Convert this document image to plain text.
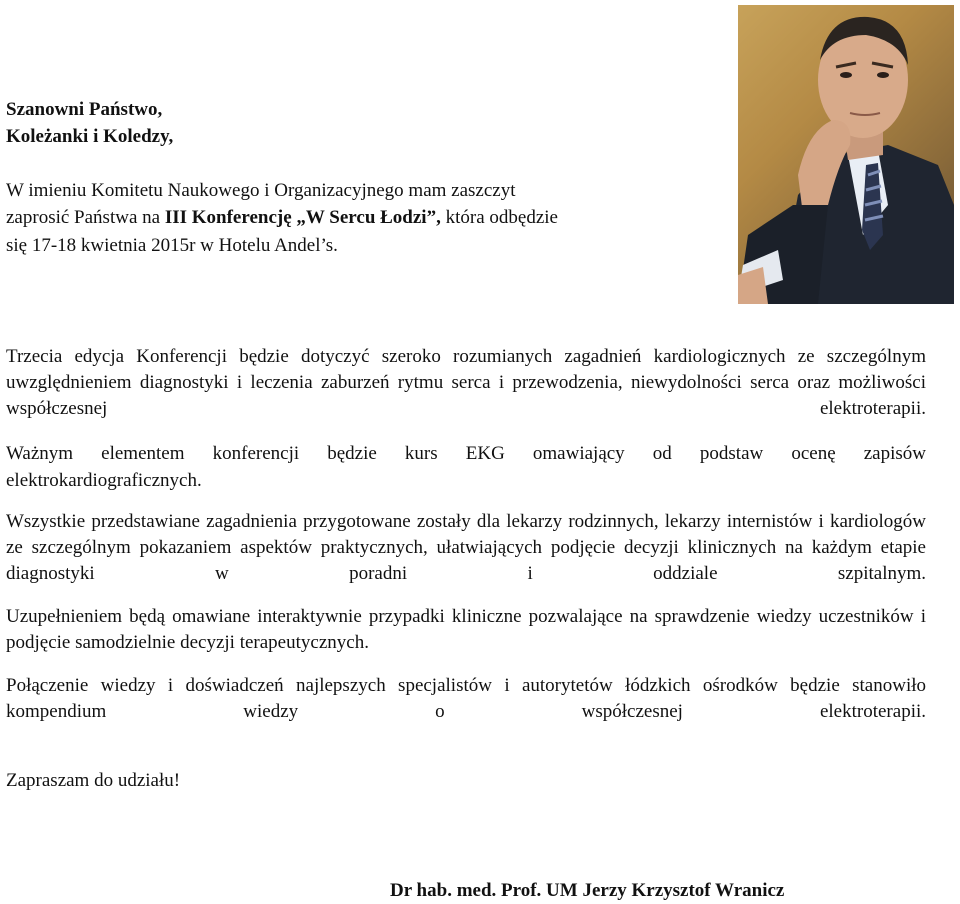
Szanowni Państwo,

Koleżanki i Koledzy,

W imieniu Komitetu Naukowego i Organizacyjnego mam zaszczyt

zaprosić Państwa na III Konferencję „W Sercu Łodzi”, która odbędzie

się 17-18 kwietnia 2015r w Hotelu Andel’s.

Trzecia edycja Konferencji będzie dotyczyć szeroko rozumianych zagadnień kardiologicznych ze szczególnym uwzględnieniem diagnostyki i leczenia zaburzeń rytmu serca i przewodzenia, niewydolności serca oraz możliwości współczesnej elektroterapii.

Ważnym elementem konferencji będzie kurs EKG omawiający od podstaw ocenę zapisów

elektrokardiograficznych.

Wszystkie przedstawiane zagadnienia przygotowane zostały dla lekarzy rodzinnych, lekarzy internistów i kardiologów ze szczególnym pokazaniem aspektów praktycznych, ułatwiających podjęcie decyzji klinicznych na każdym etapie diagnostyki w poradni i oddziale szpitalnym.

Uzupełnieniem będą omawiane interaktywnie przypadki kliniczne pozwalające na sprawdzenie wiedzy uczestników i podjęcie samodzielnie decyzji terapeutycznych.

Połączenie wiedzy i doświadczeń najlepszych specjalistów i autorytetów łódzkich ośrodków będzie stanowiło kompendium wiedzy o współczesnej elektroterapii.

Zapraszam do udziału!

Dr hab. med. Prof. UM Jerzy Krzysztof Wranicz
